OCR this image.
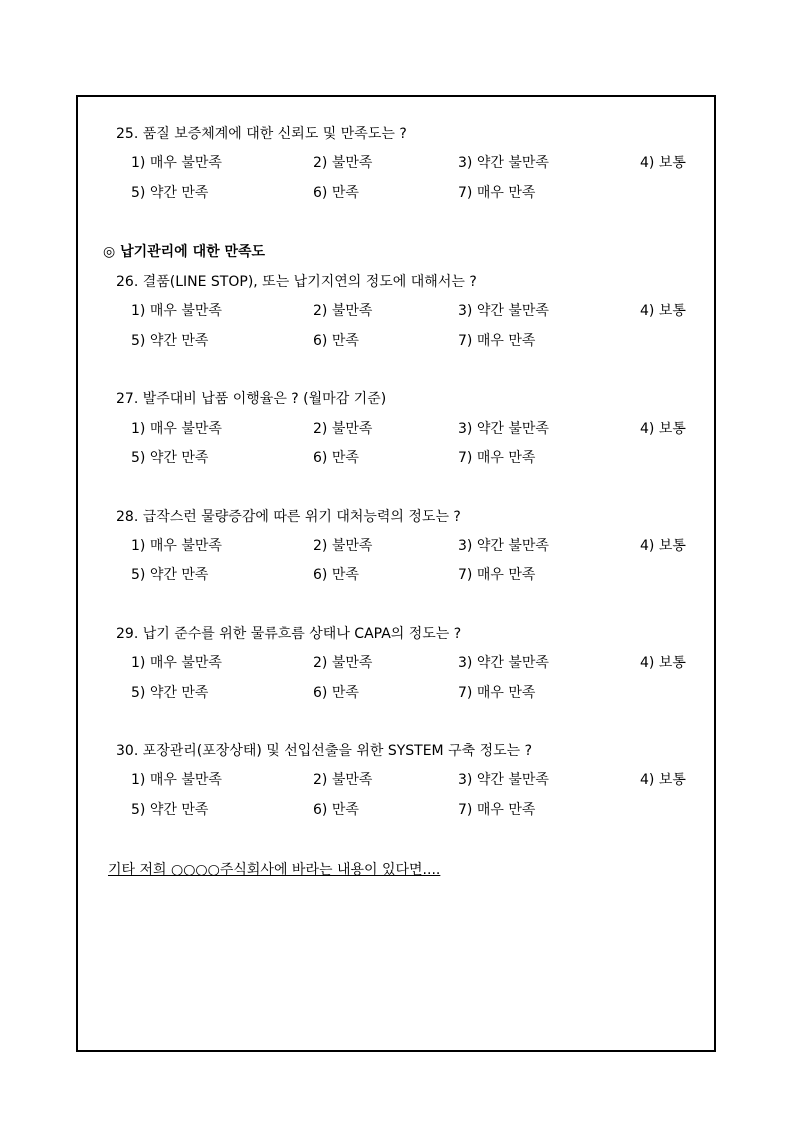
25. 품질 보증체계에 대한 신뢰도 및 만족도는 ?
1) 매우 불만족	2) 불만족	3) 약간 불만족	4) 보통
5) 약간 만족	6) 만족	7) 매우 만족
◎ 납기관리에 대한 만족도
26. 결품(LINE STOP), 또는 납기지연의 정도에 대해서는 ?
1) 매우 불만족	2) 불만족	3) 약간 불만족	4) 보통
5) 약간 만족	6) 만족	7) 매우 만족
27. 발주대비 납품 이행율은 ? (월마감 기준)
1) 매우 불만족	2) 불만족	3) 약간 불만족	4) 보통
5) 약간 만족	6) 만족	7) 매우 만족
28. 급작스런 물량증감에 따른 위기 대처능력의 정도는 ?
1) 매우 불만족	2) 불만족	3) 약간 불만족	4) 보통
5) 약간 만족	6) 만족	7) 매우 만족
29. 납기 준수를 위한 물류흐름 상태나 CAPA의 정도는 ?
1) 매우 불만족	2) 불만족	3) 약간 불만족	4) 보통
5) 약간 만족	6) 만족	7) 매우 만족
30. 포장관리(포장상태) 및 선입선출을 위한 SYSTEM 구축 정도는 ?
1) 매우 불만족	2) 불만족	3) 약간 불만족	4) 보통
5) 약간 만족	6) 만족	7) 매우 만족
기타 저희 ○○○○주식회사에 바라는 내용이 있다면....
